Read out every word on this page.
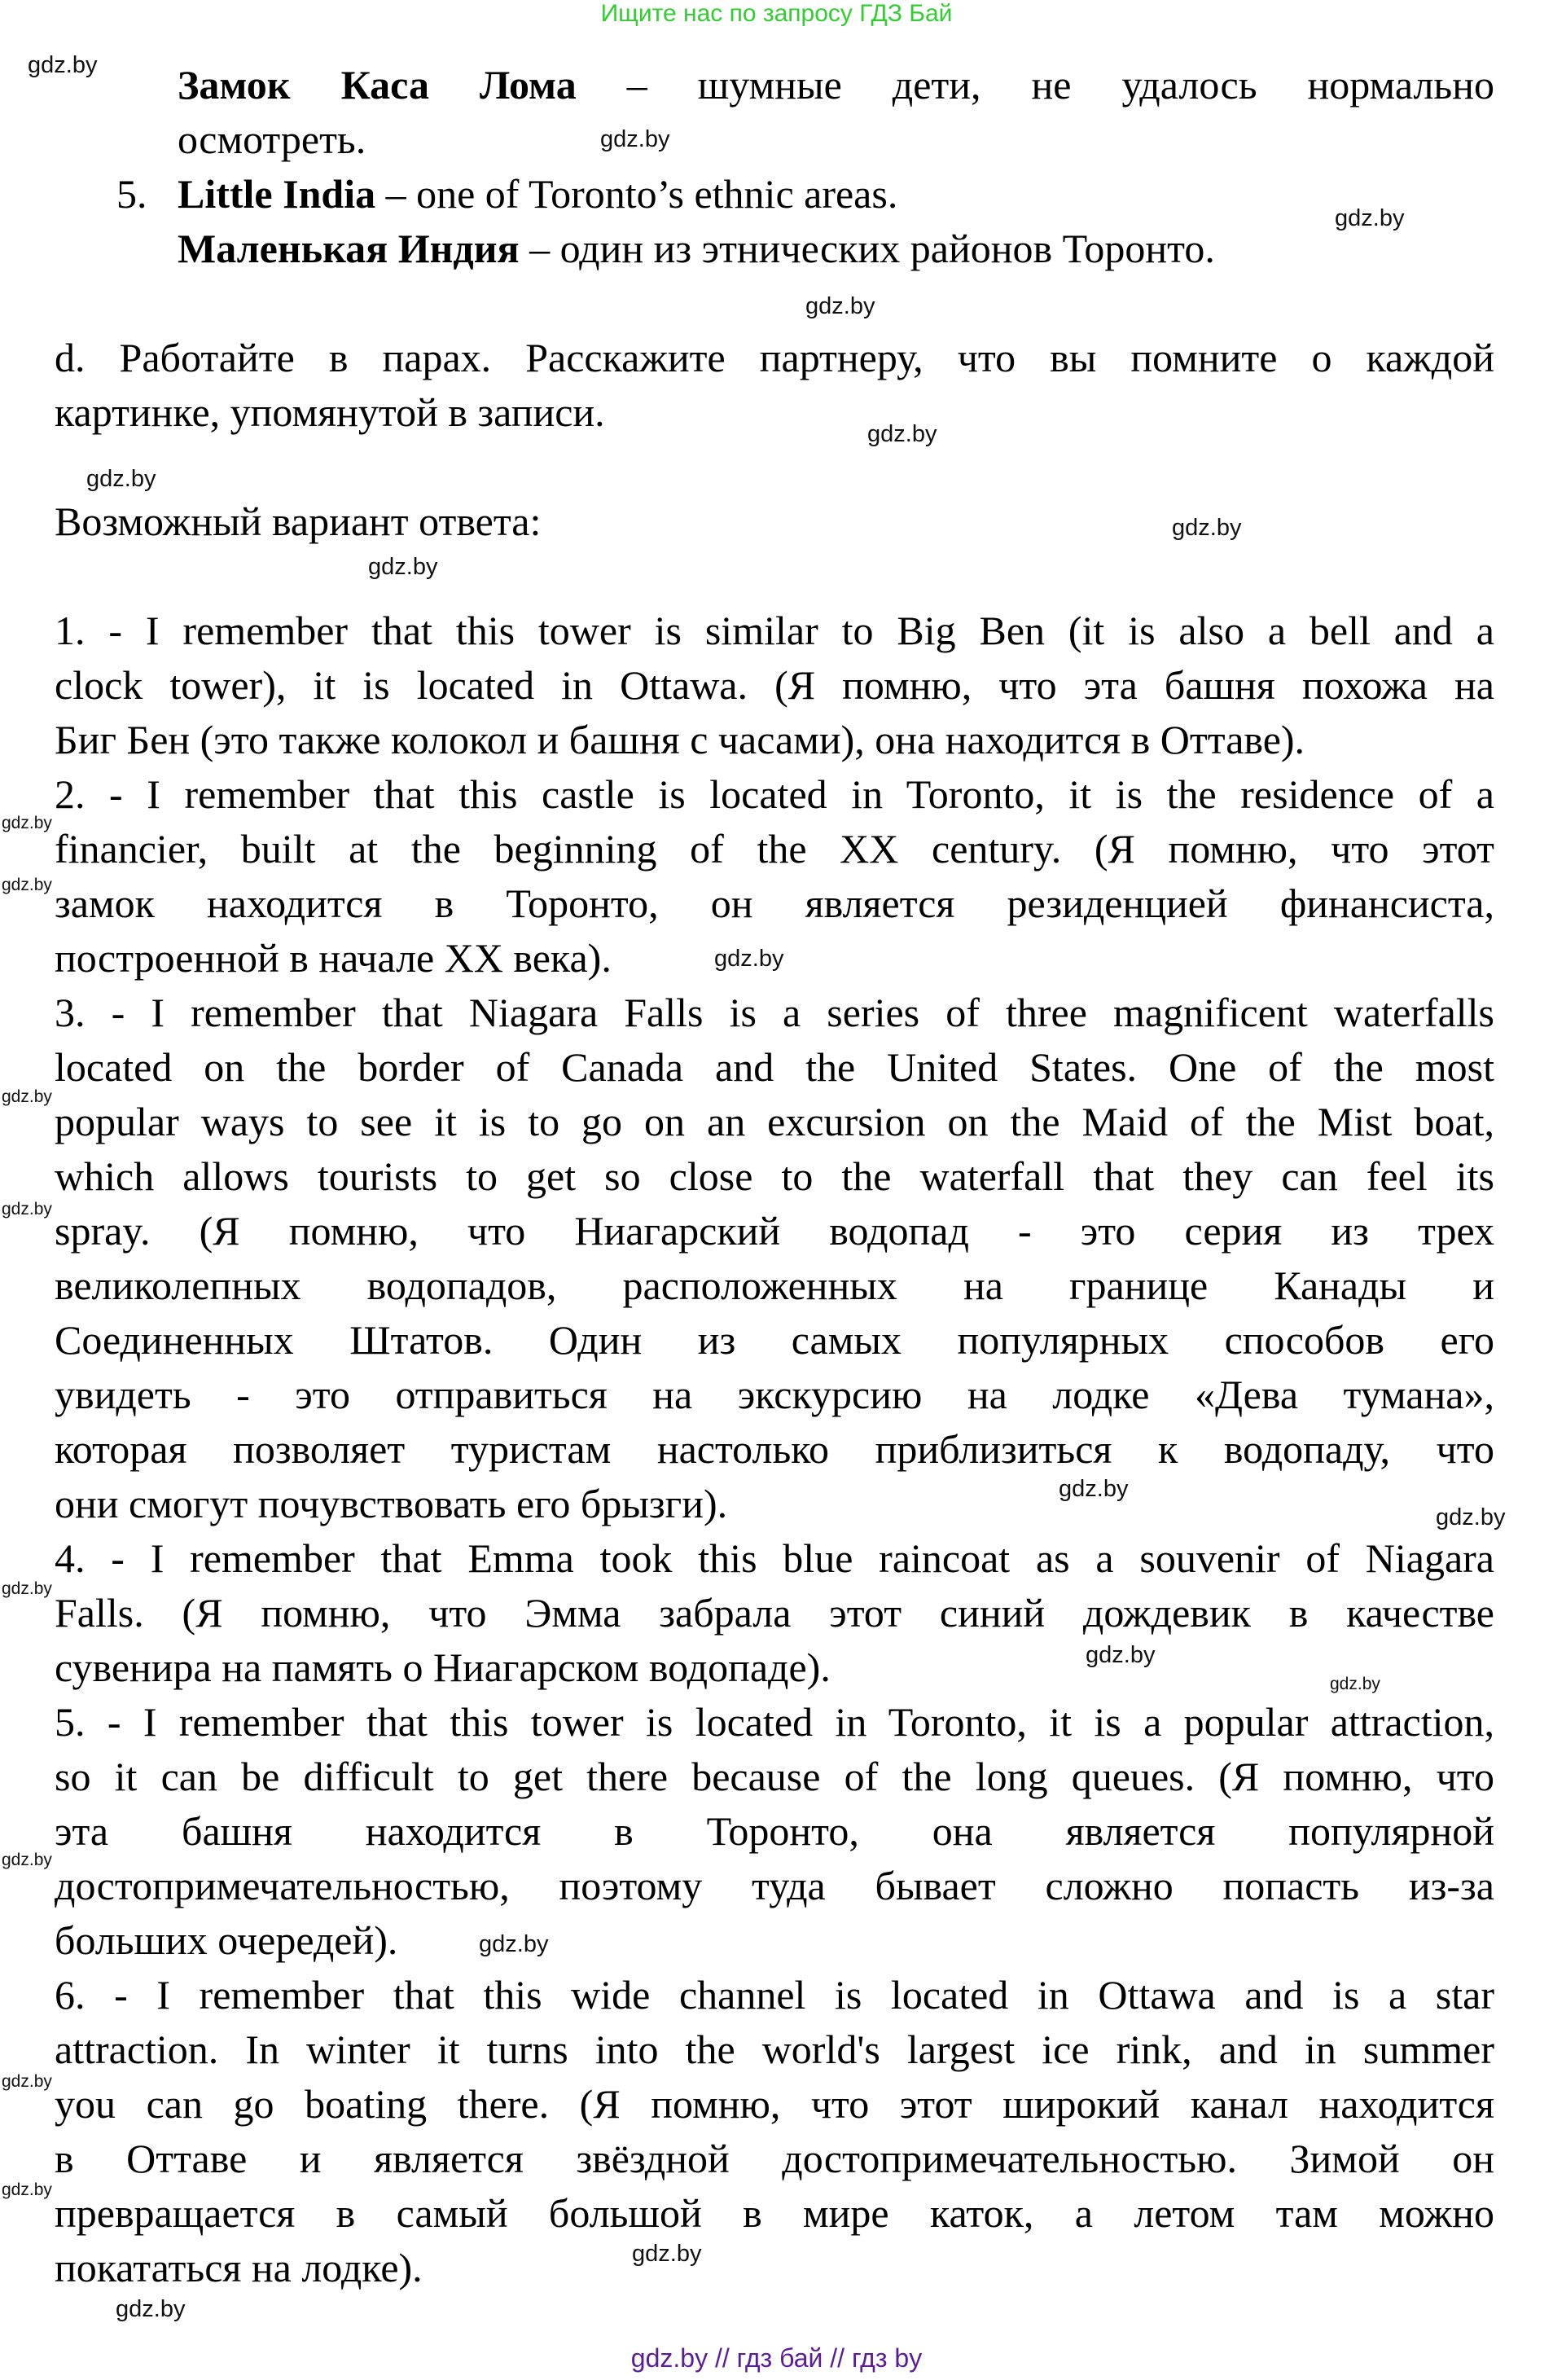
Ищите нас по запросу ГДЗ Бай
Замок Каса Лома – шумные дети, не удалось нормально
осмотреть.
5. Little India – one of Toronto’s ethnic areas.
Маленькая Индия – один из этнических районов Торонто.
d. Работайте в парах. Расскажите партнеру, что вы помните о каждой
картинке, упомянутой в записи.
Возможный вариант ответа:
1. - I remember that this tower is similar to Big Ben (it is also a bell and a
clock tower), it is located in Ottawa. (Я помню, что эта башня похожа на
Биг Бен (это также колокол и башня с часами), она находится в Оттаве).
2. - I remember that this castle is located in Toronto, it is the residence of a
financier, built at the beginning of the XX century. (Я помню, что этот
замок находится в Торонто, он является резиденцией финансиста,
построенной в начале XX века).
3. - I remember that Niagara Falls is a series of three magnificent waterfalls
located on the border of Canada and the United States. One of the most
popular ways to see it is to go on an excursion on the Maid of the Mist boat,
which allows tourists to get so close to the waterfall that they can feel its
spray. (Я помню, что Ниагарский водопад - это серия из трех
великолепных водопадов, расположенных на границе Канады и
Соединенных Штатов. Один из самых популярных способов его
увидеть - это отправиться на экскурсию на лодке «Дева тумана»,
которая позволяет туристам настолько приблизиться к водопаду, что
они смогут почувствовать его брызги).
4. - I remember that Emma took this blue raincoat as a souvenir of Niagara
Falls. (Я помню, что Эмма забрала этот синий дождевик в качестве
сувенира на память о Ниагарском водопаде).
5. - I remember that this tower is located in Toronto, it is a popular attraction,
so it can be difficult to get there because of the long queues. (Я помню, что
эта башня находится в Торонто, она является популярной
достопримечательностью, поэтому туда бывает сложно попасть из-за
больших очередей).
6. - I remember that this wide channel is located in Ottawa and is a star
attraction. In winter it turns into the world's largest ice rink, and in summer
you can go boating there. (Я помню, что этот широкий канал находится
в Оттаве и является звёздной достопримечательностью. Зимой он
превращается в самый большой в мире каток, а летом там можно
покататься на лодке).
gdz.by
gdz.by
gdz.by
gdz.by
gdz.by
gdz.by
gdz.by
gdz.by
gdz.by
gdz.by
gdz.by
gdz.by
gdz.by
gdz.by
gdz.by
gdz.by
gdz.by
gdz.by
gdz.by
gdz.by
gdz.by
gdz.by
gdz.by
gdz.by
gdz.by // гдз бай // гдз by
